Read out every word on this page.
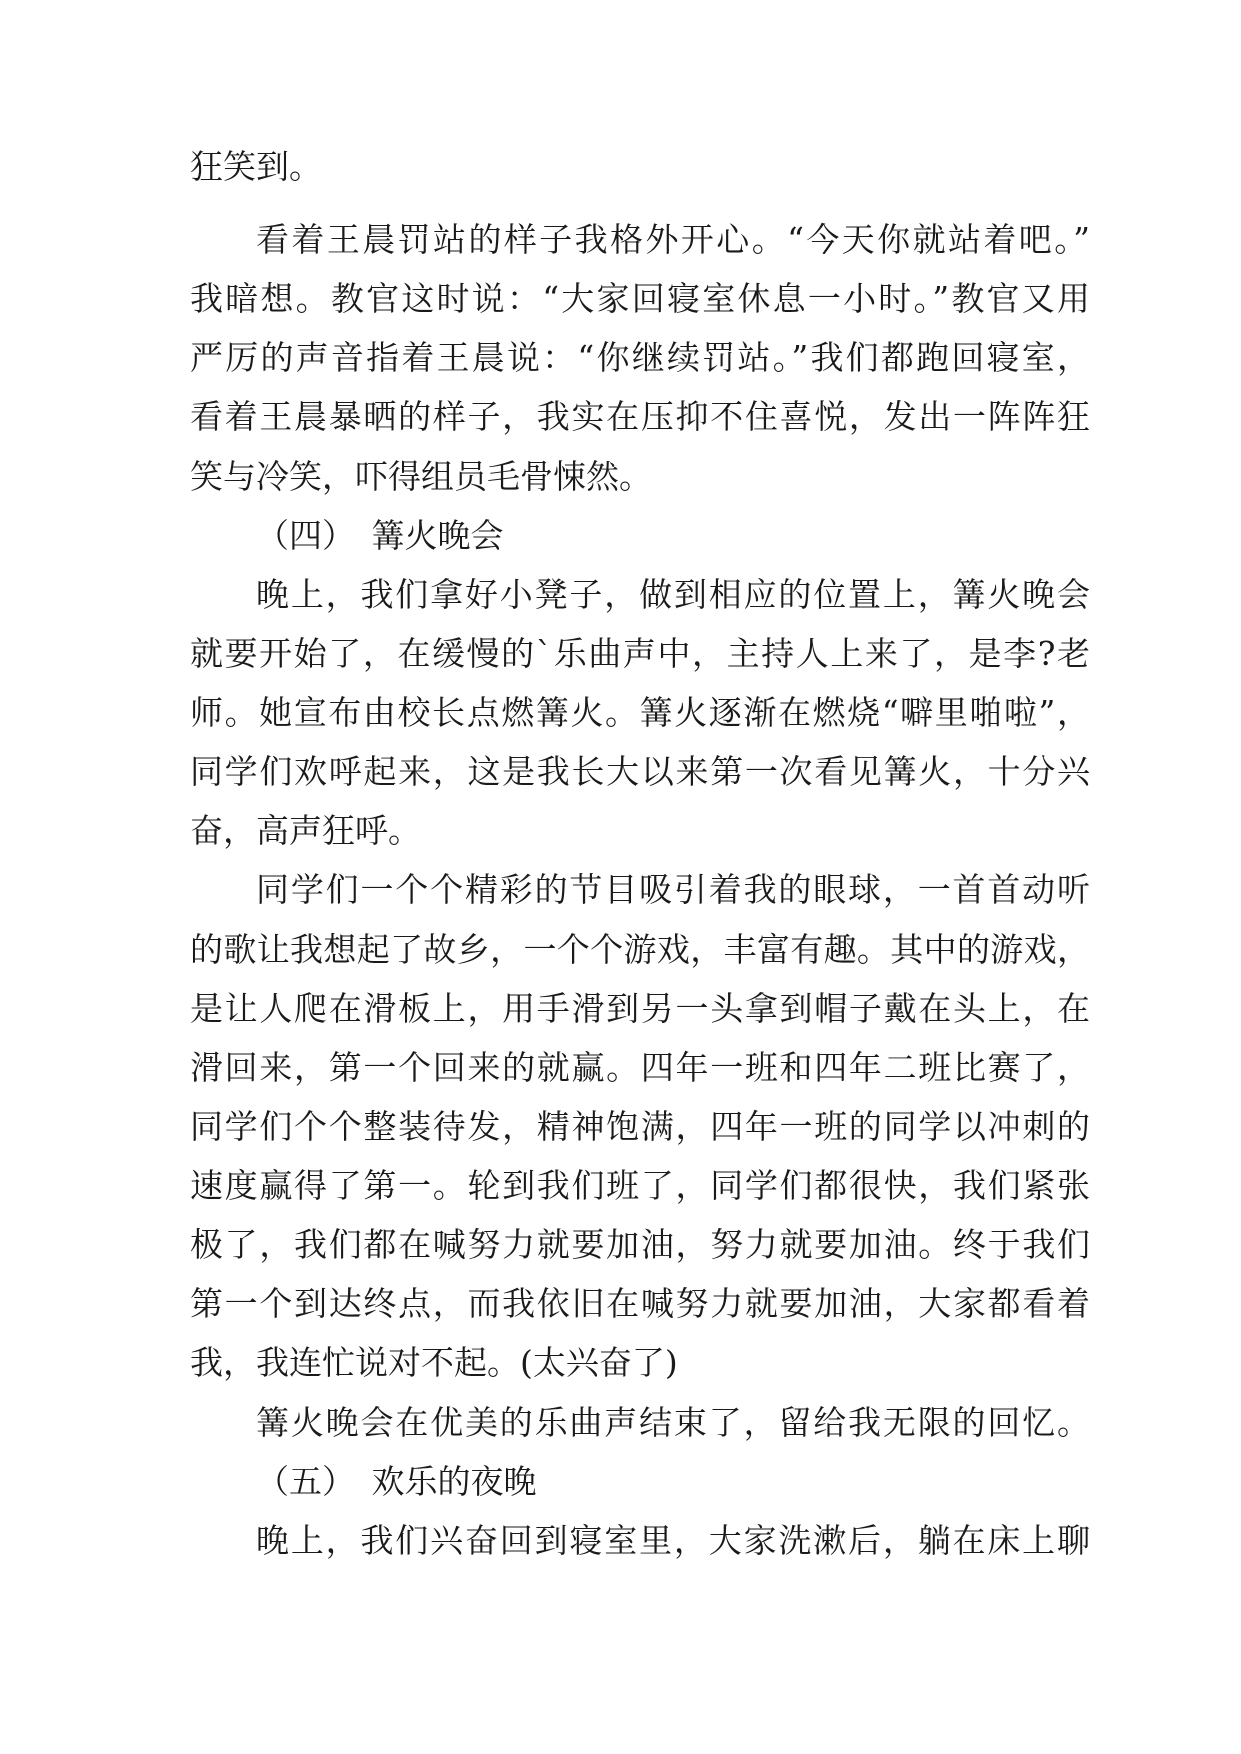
狂笑到。
看着王晨罚站的样子我格外开心。“今天你就站着吧。”
我暗想。教官这时说：“大家回寝室休息一小时。”教官又用
严厉的声音指着王晨说：“你继续罚站。”我们都跑回寝室，
看着王晨暴晒的样子，我实在压抑不住喜悦，发出一阵阵狂
笑与冷笑，吓得组员毛骨悚然。
（四）　篝火晚会
晚上，我们拿好小凳子，做到相应的位置上，篝火晚会
就要开始了，在缓慢的`乐曲声中，主持人上来了，是李?老
师。她宣布由校长点燃篝火。篝火逐渐在燃烧“噼里啪啦”，
同学们欢呼起来，这是我长大以来第一次看见篝火，十分兴
奋，高声狂呼。
同学们一个个精彩的节目吸引着我的眼球，一首首动听
的歌让我想起了故乡，一个个游戏，丰富有趣。其中的游戏，
是让人爬在滑板上，用手滑到另一头拿到帽子戴在头上，在
滑回来，第一个回来的就赢。四年一班和四年二班比赛了，
同学们个个整装待发，精神饱满，四年一班的同学以冲刺的
速度赢得了第一。轮到我们班了，同学们都很快，我们紧张
极了，我们都在喊努力就要加油，努力就要加油。终于我们
第一个到达终点，而我依旧在喊努力就要加油，大家都看着
我，我连忙说对不起。(太兴奋了)
篝火晚会在优美的乐曲声结束了，留给我无限的回忆。
（五）　欢乐的夜晚
晚上，我们兴奋回到寝室里，大家洗漱后，躺在床上聊
